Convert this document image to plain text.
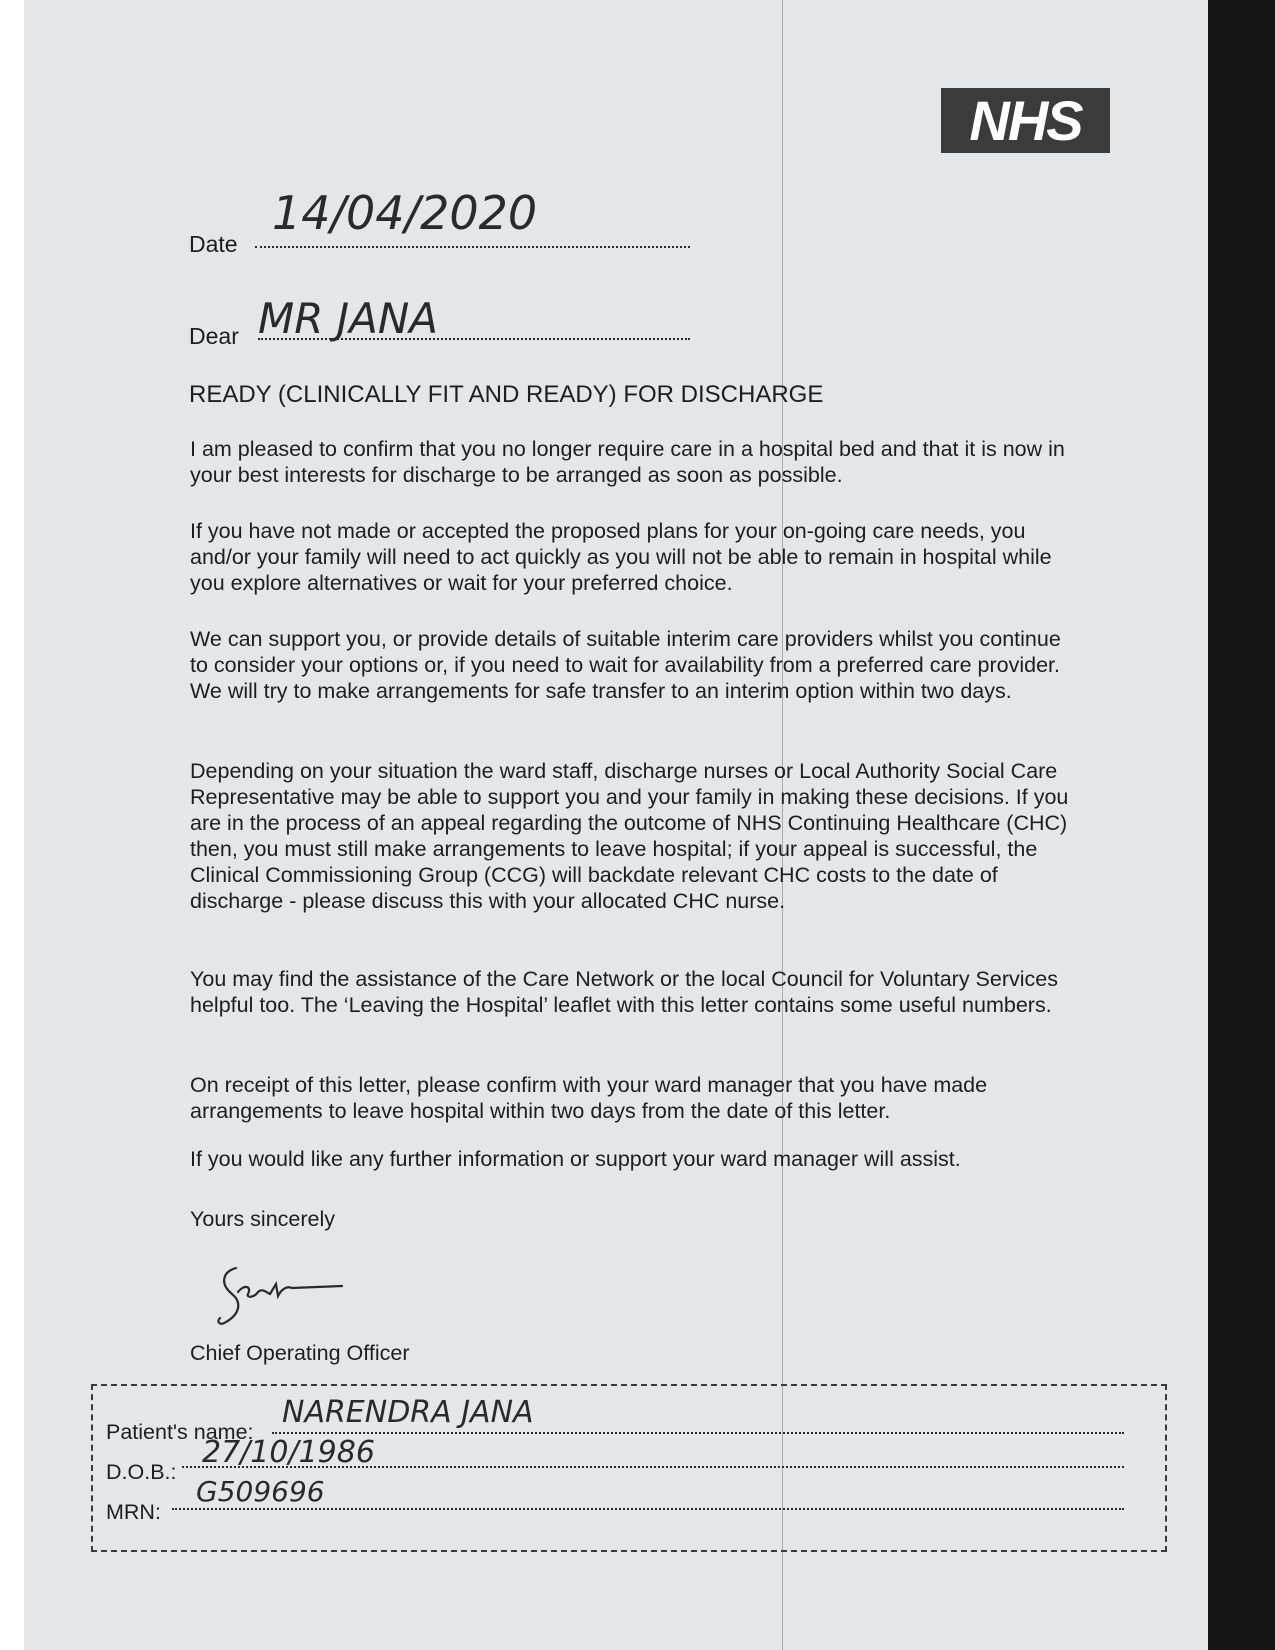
NHS
Date
14/04/2020
Dear MR JANA
READY (CLINICALLY FIT AND READY) FOR DISCHARGE
I am pleased to confirm that you no longer require care in a hospital bed and that it is now in your best interests for discharge to be arranged as soon as possible.
If you have not made or accepted the proposed plans for your on-going care needs, you and/or your family will need to act quickly as you will not be able to remain in hospital while you explore alternatives or wait for your preferred choice.
We can support you, or provide details of suitable interim care providers whilst you continue to consider your options or, if you need to wait for availability from a preferred care provider. We will try to make arrangements for safe transfer to an interim option within two days.
Depending on your situation the ward staff, discharge nurses or Local Authority Social Care Representative may be able to support you and your family in making these decisions. If you are in the process of an appeal regarding the outcome of NHS Continuing Healthcare (CHC) then, you must still make arrangements to leave hospital; if your appeal is successful, the Clinical Commissioning Group (CCG) will backdate relevant CHC costs to the date of discharge - please discuss this with your allocated CHC nurse.
You may find the assistance of the Care Network or the local Council for Voluntary Services helpful too. The ‘Leaving the Hospital’ leaflet with this letter contains some useful numbers.
On receipt of this letter, please confirm with your ward manager that you have made arrangements to leave hospital within two days from the date of this letter.
If you would like any further information or support your ward manager will assist.
Yours sincerely
Chief Operating Officer
Patient's name:
NARENDRA JANA
D.O.B.:
27/10/1986
MRN:
G509696
